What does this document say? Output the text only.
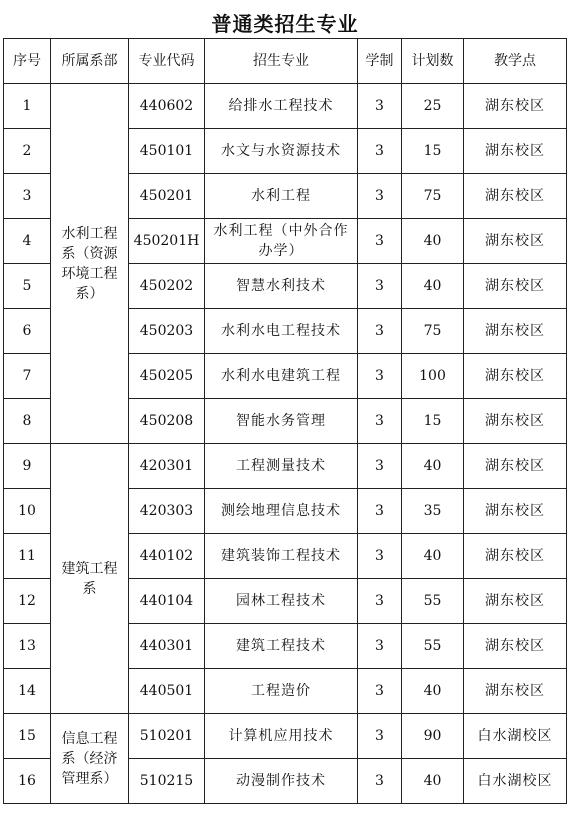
普通类招生专业
序号	所属系部	专业代码	招生专业	学制	计划数	教学点
1	水利工程系（资源环境工程系）	440602	给排水工程技术	3	25	湖东校区
2		450101	水文与水资源技术	3	15	湖东校区
3		450201	水利工程	3	75	湖东校区
4		450201H	水利工程（中外合作办学）	3	40	湖东校区
5		450202	智慧水利技术	3	40	湖东校区
6		450203	水利水电工程技术	3	75	湖东校区
7		450205	水利水电建筑工程	3	100	湖东校区
8		450208	智能水务管理	3	15	湖东校区
9	建筑工程系	420301	工程测量技术	3	40	湖东校区
10		420303	测绘地理信息技术	3	35	湖东校区
11		440102	建筑装饰工程技术	3	40	湖东校区
12		440104	园林工程技术	3	55	湖东校区
13		440301	建筑工程技术	3	55	湖东校区
14		440501	工程造价	3	40	湖东校区
15	信息工程系（经济管理系）	510201	计算机应用技术	3	90	白水湖校区
16		510215	动漫制作技术	3	40	白水湖校区
